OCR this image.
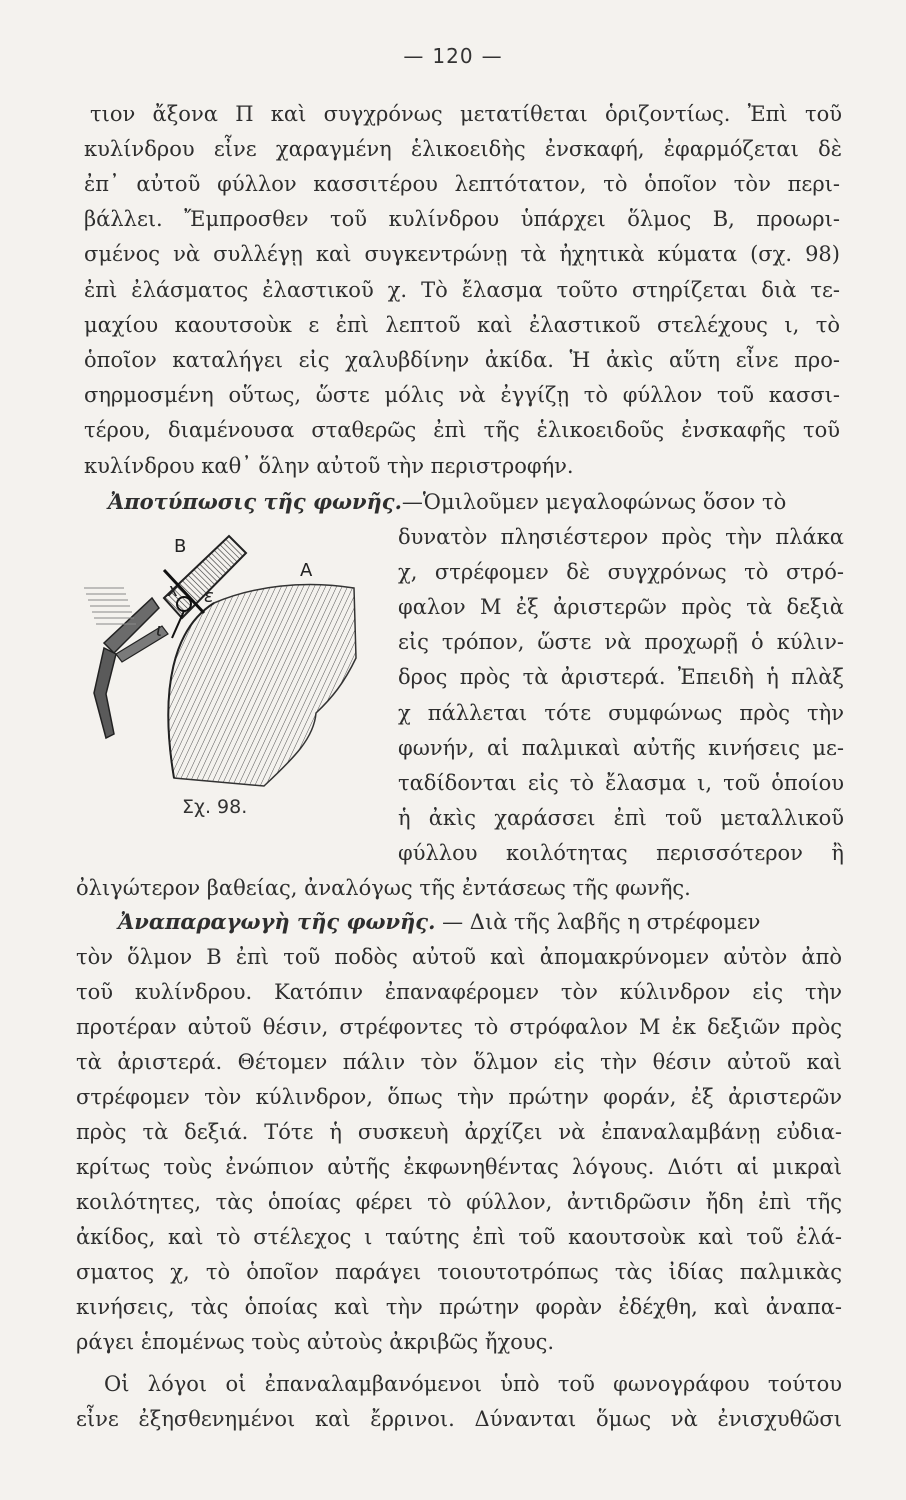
— 120 —
τιον ἄξονα Π καὶ συγχρόνως μετατίθεται ὁριζοντίως. Ἐπὶ τοῦ
κυλίνδρου εἶνε χαραγμένη ἑλικοειδὴς ἐνσκαφή, ἐφαρμόζεται δὲ
ἐπ᾽ αὐτοῦ φύλλον κασσιτέρου λεπτότατον, τὸ ὁποῖον τὸν περι-
βάλλει. Ἔμπροσθεν τοῦ κυλίνδρου ὑπάρχει ὅλμος Β, προωρι-
σμένος νὰ συλλέγῃ καὶ συγκεντρώνῃ τὰ ἠχητικὰ κύματα (σχ. 98)
ἐπὶ ἐλάσματος ἐλαστικοῦ χ. Τὸ ἔλασμα τοῦτο στηρίζεται διὰ τε-
μαχίου καουτσοὺκ ε ἐπὶ λεπτοῦ καὶ ἐλαστικοῦ στελέχους ι, τὸ
ὁποῖον καταλήγει εἰς χαλυβδίνην ἀκίδα. Ἡ ἀκὶς αὕτη εἶνε προ-
σηρμοσμένη οὕτως, ὥστε μόλις νὰ ἐγγίζῃ τὸ φύλλον τοῦ κασσι-
τέρου, διαμένουσα σταθερῶς ἐπὶ τῆς ἑλικοειδοῦς ἐνσκαφῆς τοῦ
κυλίνδρου καθ᾽ ὅλην αὐτοῦ τὴν περιστροφήν.
Ἀποτύπωσις τῆς φωνῆς.—Ὁμιλοῦμεν μεγαλοφώνως ὅσον τὸ
δυνατὸν πλησιέστερον πρὸς τὴν πλάκα
χ, στρέφομεν δὲ συγχρόνως τὸ στρό-
φαλον Μ ἐξ ἀριστερῶν πρὸς τὰ δεξιὰ
εἰς τρόπον, ὥστε νὰ προχωρῇ ὁ κύλιν-
δρος πρὸς τὰ ἀριστερά. Ἐπειδὴ ἡ πλὰξ
χ πάλλεται τότε συμφώνως πρὸς τὴν
φωνήν, αἱ παλμικαὶ αὐτῆς κινήσεις με-
ταδίδονται εἰς τὸ ἔλασμα ι, τοῦ ὁποίου
ἡ ἀκὶς χαράσσει ἐπὶ τοῦ μεταλλικοῦ
φύλλου κοιλότητας περισσότερον ἢ
ὀλιγώτερον βαθείας, ἀναλόγως τῆς ἐντάσεως τῆς φωνῆς.
Β
Α
x ε
ι
Σχ. 98.
Ἀναπαραγωγὴ τῆς φωνῆς. — Διὰ τῆς λαβῆς η στρέφομεν
τὸν ὅλμον Β ἐπὶ τοῦ ποδὸς αὐτοῦ καὶ ἀπομακρύνομεν αὐτὸν ἀπὸ
τοῦ κυλίνδρου. Κατόπιν ἐπαναφέρομεν τὸν κύλινδρον εἰς τὴν
προτέραν αὐτοῦ θέσιν, στρέφοντες τὸ στρόφαλον Μ ἐκ δεξιῶν πρὸς
τὰ ἀριστερά. Θέτομεν πάλιν τὸν ὅλμον εἰς τὴν θέσιν αὐτοῦ καὶ
στρέφομεν τὸν κύλινδρον, ὅπως τὴν πρώτην φοράν, ἐξ ἀριστερῶν
πρὸς τὰ δεξιά. Τότε ἡ συσκευὴ ἀρχίζει νὰ ἐπαναλαμβάνῃ εὐδια-
κρίτως τοὺς ἐνώπιον αὐτῆς ἐκφωνηθέντας λόγους. Διότι αἱ μικραὶ
κοιλότητες, τὰς ὁποίας φέρει τὸ φύλλον, ἀντιδρῶσιν ἤδη ἐπὶ τῆς
ἀκίδος, καὶ τὸ στέλεχος ι ταύτης ἐπὶ τοῦ καουτσοὺκ καὶ τοῦ ἐλά-
σματος χ, τὸ ὁποῖον παράγει τοιουτοτρόπως τὰς ἰδίας παλμικὰς
κινήσεις, τὰς ὁποίας καὶ τὴν πρώτην φορὰν ἐδέχθη, καὶ ἀναπα-
ράγει ἑπομένως τοὺς αὐτοὺς ἀκριβῶς ἤχους.
Οἱ λόγοι οἱ ἐπαναλαμβανόμενοι ὑπὸ τοῦ φωνογράφου τούτου
εἶνε ἐξησθενημένοι καὶ ἔρρινοι. Δύνανται ὅμως νὰ ἐνισχυθῶσι
